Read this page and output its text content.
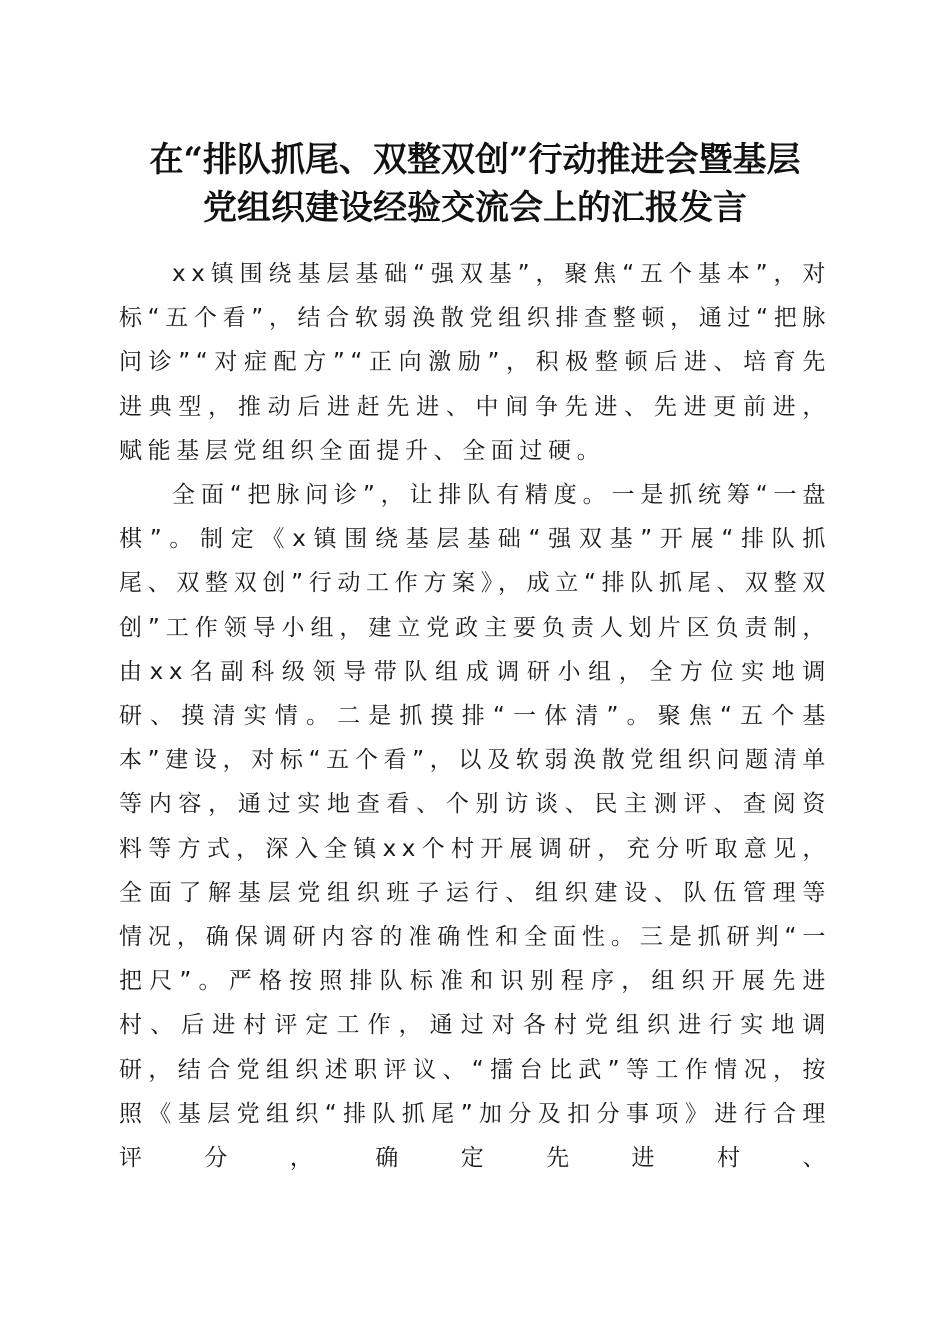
在“排队抓尾、双整双创”行动推进会暨基层
党组织建设经验交流会上的汇报发言

xx镇围绕基层基础“强双基”，聚焦“五个基本”，对标“五个看”，结合软弱涣散党组织排查整顿，通过“把脉问诊”“对症配方”“正向激励”，积极整顿后进、培育先进典型，推动后进赶先进、中间争先进、先进更前进，赋能基层党组织全面提升、全面过硬。

全面“把脉问诊”，让排队有精度。一是抓统筹“一盘棋”。制定《x镇围绕基层基础“强双基”开展“排队抓尾、双整双创”行动工作方案》，成立“排队抓尾、双整双创”工作领导小组，建立党政主要负责人划片区负责制，由xx名副科级领导带队组成调研小组，全方位实地调研、摸清实情。二是抓摸排“一体清”。聚焦“五个基本”建设，对标“五个看”，以及软弱涣散党组织问题清单等内容，通过实地查看、个别访谈、民主测评、查阅资料等方式，深入全镇xx个村开展调研，充分听取意见，全面了解基层党组织班子运行、组织建设、队伍管理等情况，确保调研内容的准确性和全面性。三是抓研判“一把尺”。严格按照排队标准和识别程序，组织开展先进村、后进村评定工作，通过对各村党组织进行实地调研，结合党组织述职评议、“擂台比武”等工作情况，按照《基层党组织“排队抓尾”加分及扣分事项》进行合理评分，确定先进村、
